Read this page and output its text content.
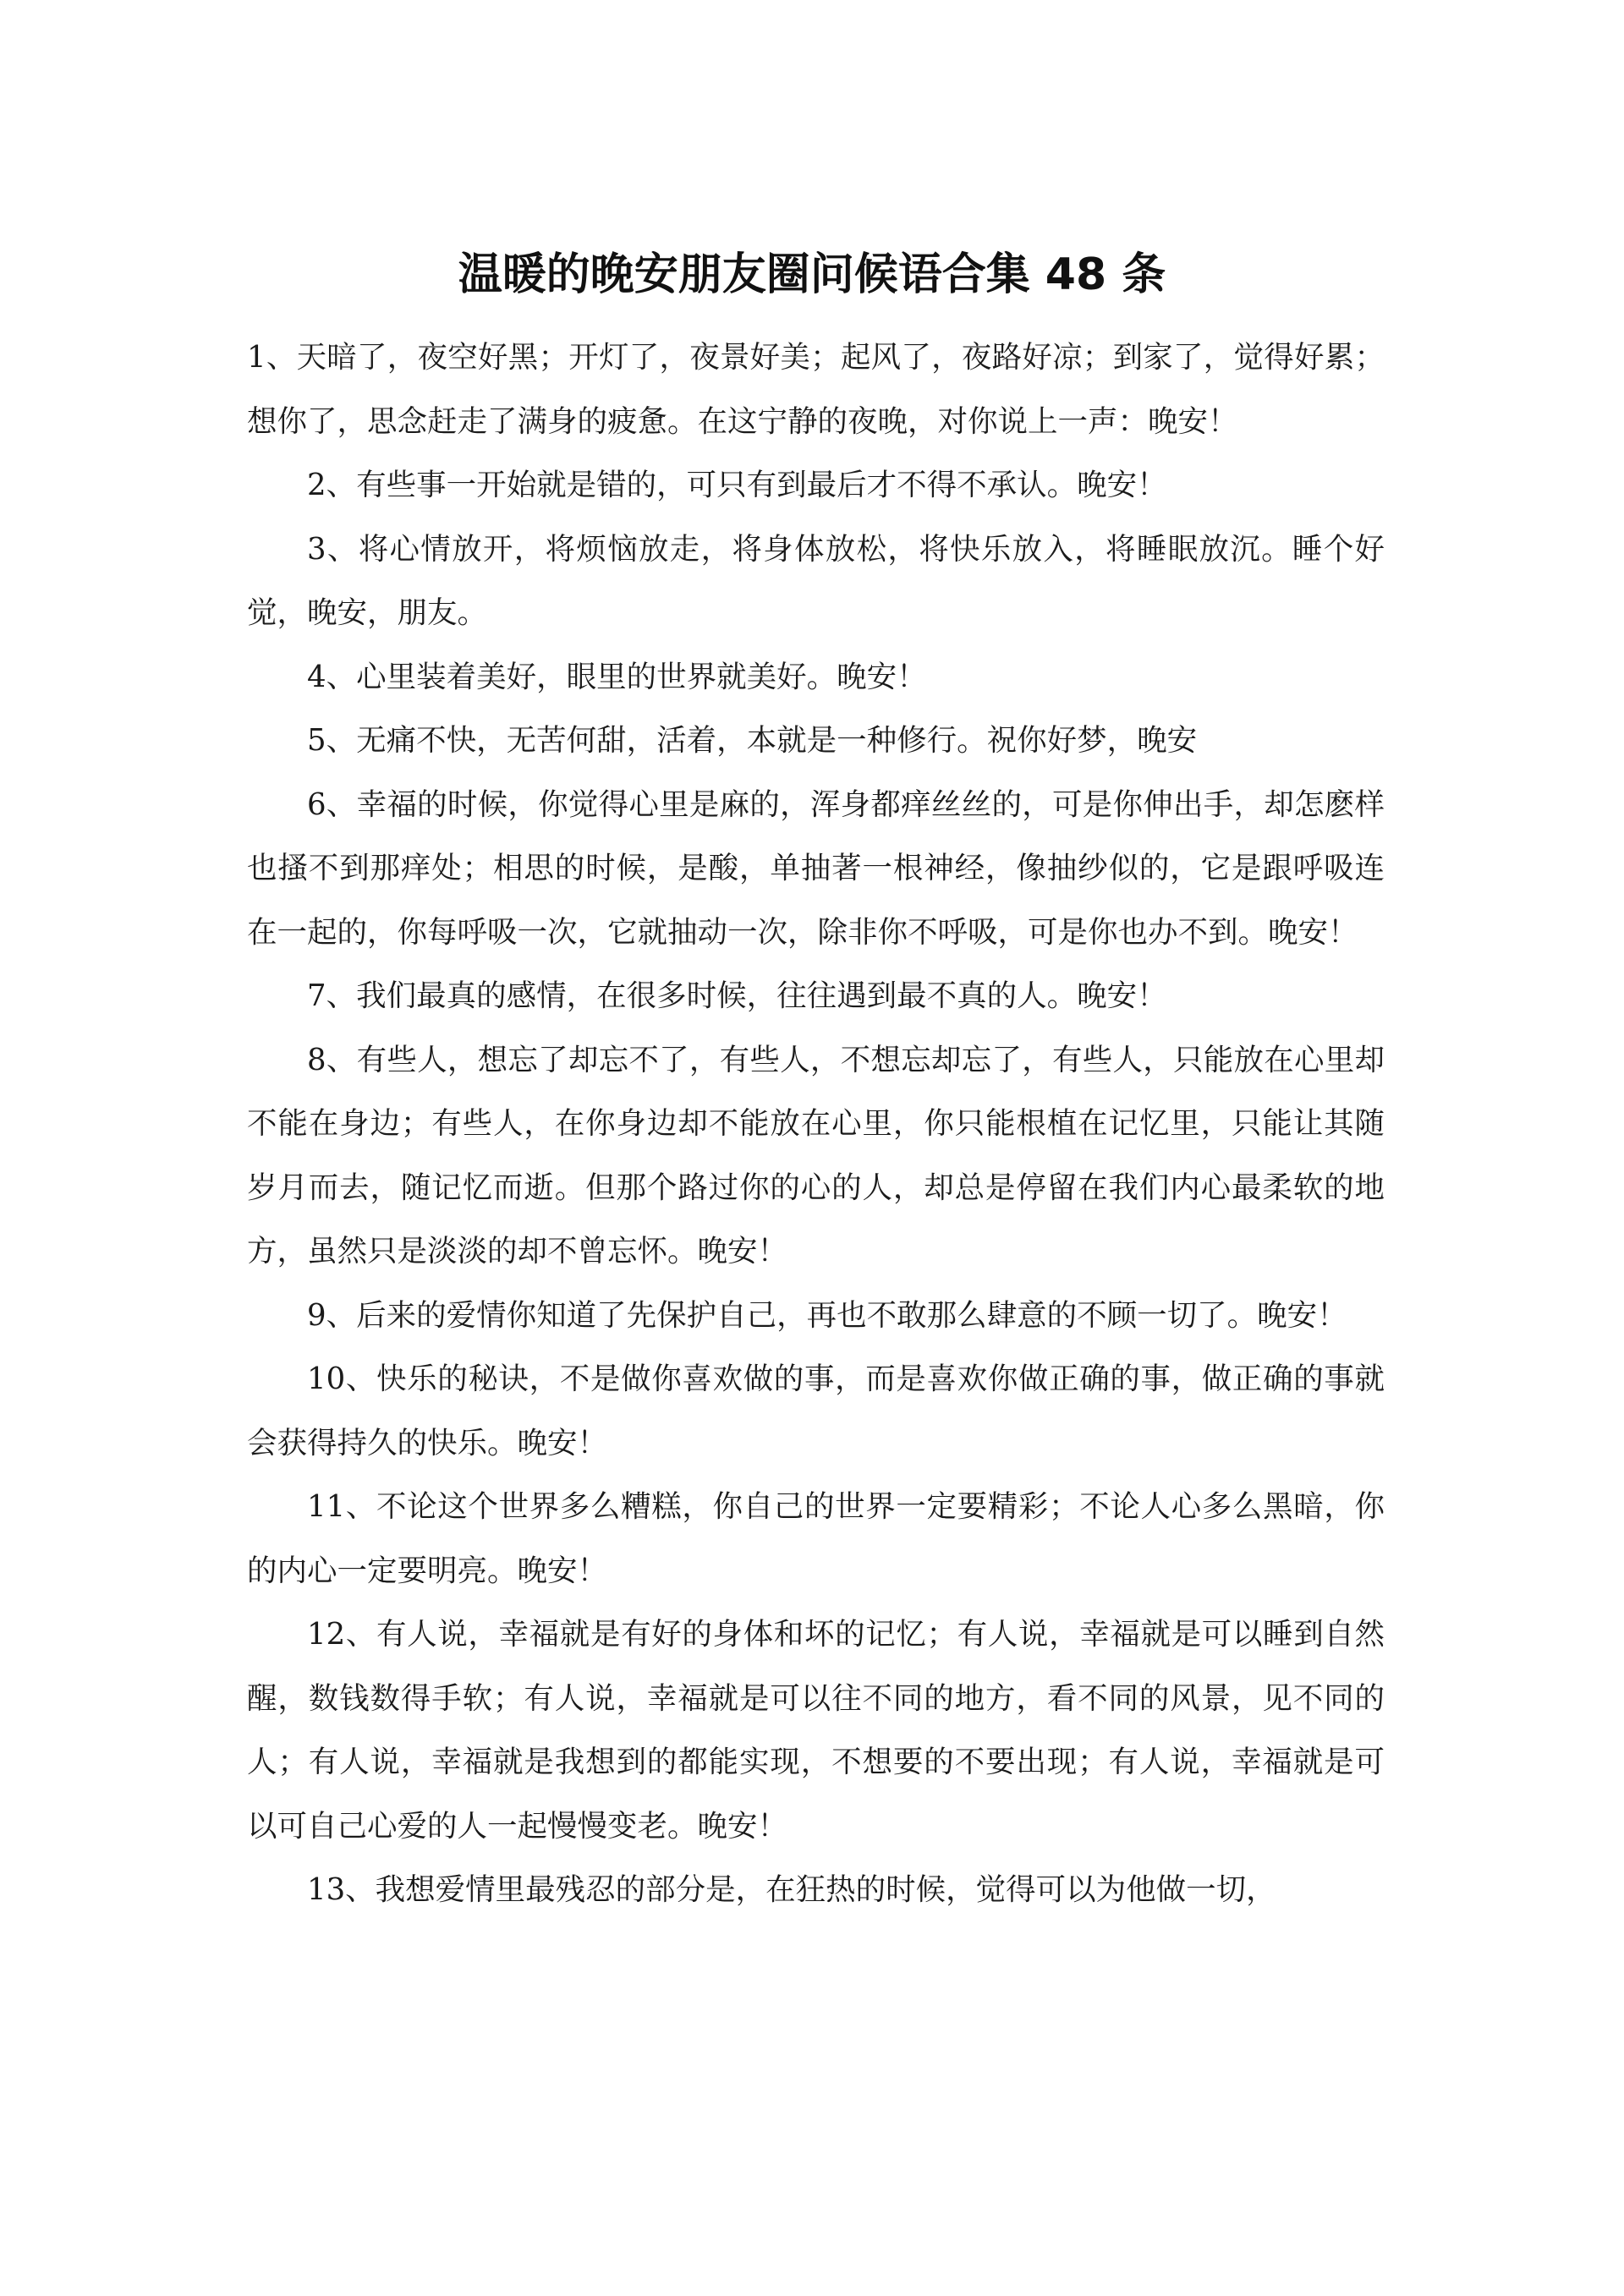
温暖的晚安朋友圈问候语合集 48 条

1、天暗了，夜空好黑；开灯了，夜景好美；起风了，夜路好凉；到家了，觉得好累；想你了，思念赶走了满身的疲惫。在这宁静的夜晚，对你说上一声：晚安！

2、有些事一开始就是错的，可只有到最后才不得不承认。晚安！

3、将心情放开，将烦恼放走，将身体放松，将快乐放入，将睡眠放沉。睡个好觉，晚安，朋友。

4、心里装着美好，眼里的世界就美好。晚安！

5、无痛不快，无苦何甜，活着，本就是一种修行。祝你好梦，晚安

6、幸福的时候，你觉得心里是麻的，浑身都痒丝丝的，可是你伸出手，却怎麽样也搔不到那痒处；相思的时候，是酸，单抽著一根神经，像抽纱似的，它是跟呼吸连在一起的，你每呼吸一次，它就抽动一次，除非你不呼吸，可是你也办不到。晚安！

7、我们最真的感情，在很多时候，往往遇到最不真的人。晚安！

8、有些人，想忘了却忘不了，有些人，不想忘却忘了，有些人，只能放在心里却不能在身边；有些人，在你身边却不能放在心里，你只能根植在记忆里，只能让其随岁月而去，随记忆而逝。但那个路过你的心的人，却总是停留在我们内心最柔软的地方，虽然只是淡淡的却不曾忘怀。晚安！

9、后来的爱情你知道了先保护自己，再也不敢那么肆意的不顾一切了。晚安！

10、快乐的秘诀，不是做你喜欢做的事，而是喜欢你做正确的事，做正确的事就会获得持久的快乐。晚安！

11、不论这个世界多么糟糕，你自己的世界一定要精彩；不论人心多么黑暗，你的内心一定要明亮。晚安！

12、有人说，幸福就是有好的身体和坏的记忆；有人说，幸福就是可以睡到自然醒，数钱数得手软；有人说，幸福就是可以往不同的地方，看不同的风景，见不同的人；有人说，幸福就是我想到的都能实现，不想要的不要出现；有人说，幸福就是可以可自己心爱的人一起慢慢变老。晚安！

13、我想爱情里最残忍的部分是，在狂热的时候，觉得可以为他做一切，
